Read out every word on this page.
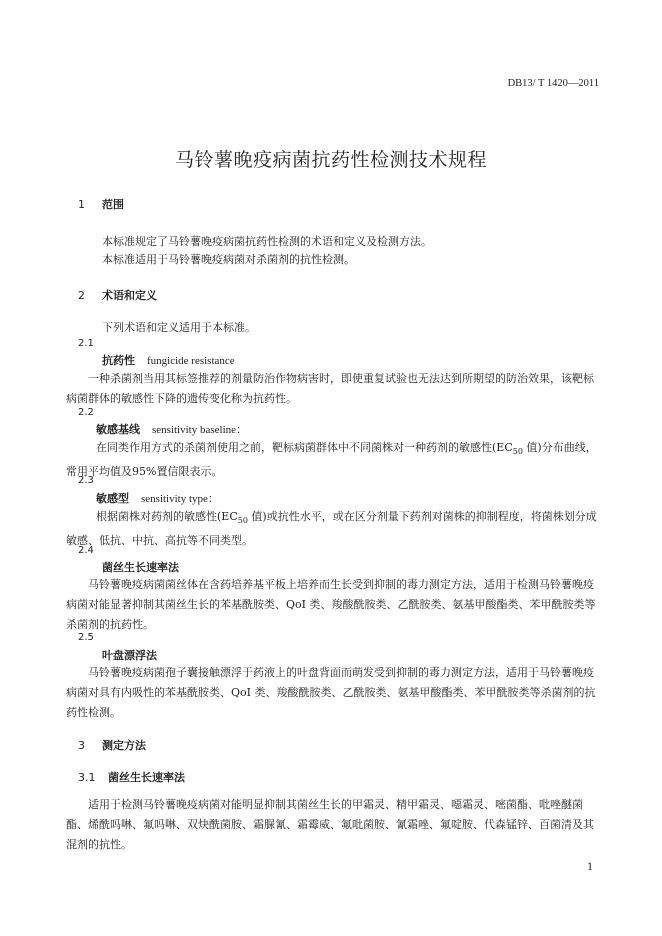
DB13/ T 1420—2011
马铃薯晚疫病菌抗药性检测技术规程
1 范围
本标准规定了马铃薯晚疫病菌抗药性检测的术语和定义及检测方法。
本标准适用于马铃薯晚疫病菌对杀菌剂的抗性检测。
2 术语和定义
下列术语和定义适用于本标准。
2.1
抗药性 fungicide resistance
一种杀菌剂当用其标签推荐的剂量防治作物病害时，即使重复试验也无法达到所期望的防治效果，该靶标病菌群体的敏感性下降的遗传变化称为抗药性。
2.2
敏感基线 sensitivity baseline：
在同类作用方式的杀菌剂使用之前，靶标病菌群体中不同菌株对一种药剂的敏感性($EC_{50}$ 值)分布曲线，常用平均值及95%置信限表示。
2.3
敏感型 sensitivity type：
根据菌株对药剂的敏感性($EC_{50}$ 值)或抗性水平，或在区分剂量下药剂对菌株的抑制程度，将菌株划分成敏感、低抗、中抗、高抗等不同类型。
2.4
菌丝生长速率法
马铃薯晚疫病菌菌丝体在含药培养基平板上培养而生长受到抑制的毒力测定方法，适用于检测马铃薯晚疫病菌对能显著抑制其菌丝生长的苯基酰胺类、QoI 类、羧酸酰胺类、乙酰胺类、氨基甲酸酯类、苯甲酰胺类等杀菌剂的抗药性。
2.5
叶盘漂浮法
马铃薯晚疫病菌孢子囊接触漂浮于药液上的叶盘背面而萌发受到抑制的毒力测定方法，适用于马铃薯晚疫病菌对具有内吸性的苯基酰胺类、QoI 类、羧酸酰胺类、乙酰胺类、氨基甲酸酯类、苯甲酰胺类等杀菌剂的抗药性检测。
3 测定方法
3.1 菌丝生长速率法
适用于检测马铃薯晚疫病菌对能明显抑制其菌丝生长的甲霜灵、精甲霜灵、噁霜灵、嘧菌酯、吡唑醚菌酯、烯酰吗啉、氟吗啉、双炔酰菌胺、霜脲氰、霜霉威、氟吡菌胺、氰霜唑、氟啶胺、代森锰锌、百菌清及其混剂的抗性。
1
